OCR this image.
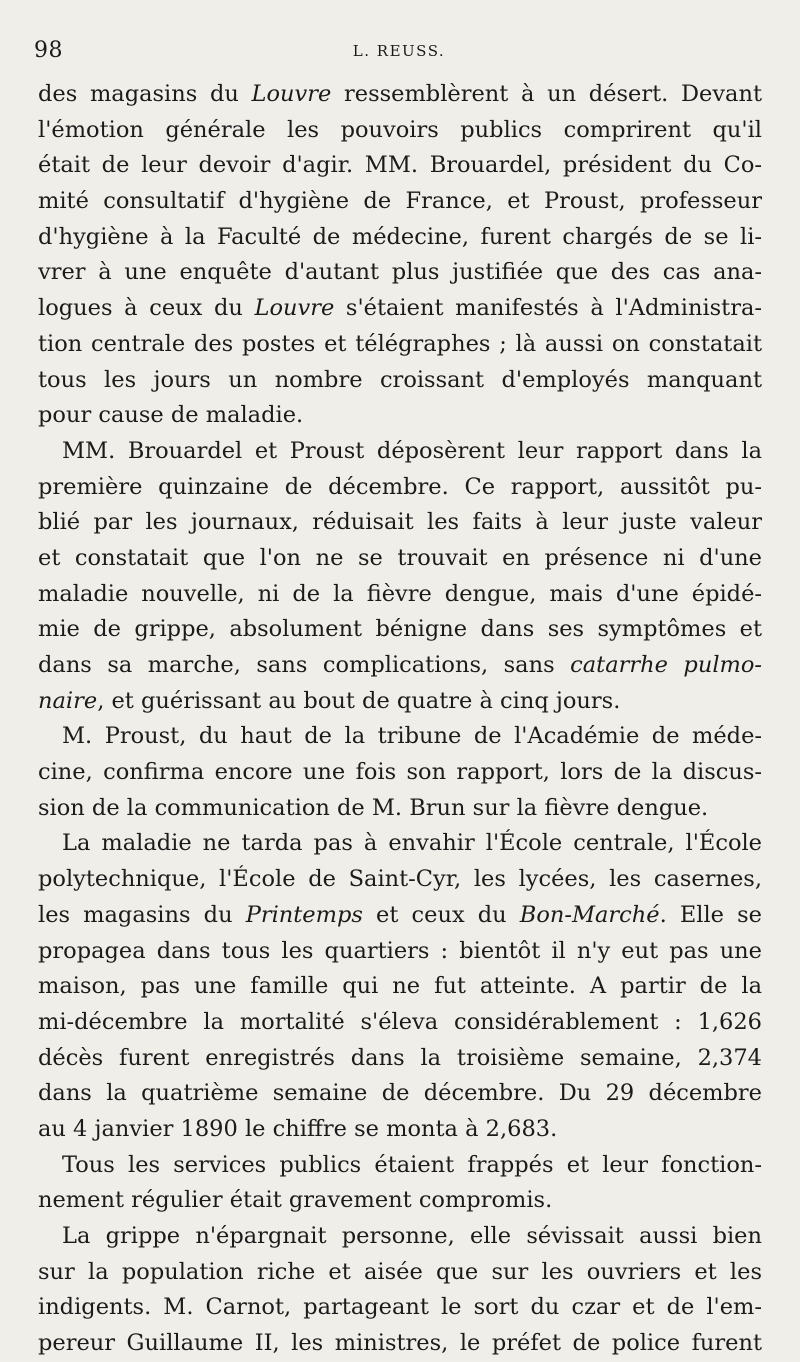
98	L. REUSS.
des magasins du Louvre ressemblèrent à un désert. Devant
l'émotion générale les pouvoirs publics comprirent qu'il
était de leur devoir d'agir. MM. Brouardel, président du Co-
mité consultatif d'hygiène de France, et Proust, professeur
d'hygiène à la Faculté de médecine, furent chargés de se li-
vrer à une enquête d'autant plus justifiée que des cas ana-
logues à ceux du Louvre s'étaient manifestés à l'Administra-
tion centrale des postes et télégraphes ; là aussi on constatait
tous les jours un nombre croissant d'employés manquant
pour cause de maladie.
MM. Brouardel et Proust déposèrent leur rapport dans la
première quinzaine de décembre. Ce rapport, aussitôt pu-
blié par les journaux, réduisait les faits à leur juste valeur
et constatait que l'on ne se trouvait en présence ni d'une
maladie nouvelle, ni de la fièvre dengue, mais d'une épidé-
mie de grippe, absolument bénigne dans ses symptômes et
dans sa marche, sans complications, sans catarrhe pulmo-
naire, et guérissant au bout de quatre à cinq jours.
M. Proust, du haut de la tribune de l'Académie de méde-
cine, confirma encore une fois son rapport, lors de la discus-
sion de la communication de M. Brun sur la fièvre dengue.
La maladie ne tarda pas à envahir l'École centrale, l'École
polytechnique, l'École de Saint-Cyr, les lycées, les casernes,
les magasins du Printemps et ceux du Bon-Marché. Elle se
propagea dans tous les quartiers : bientôt il n'y eut pas une
maison, pas une famille qui ne fut atteinte. A partir de la
mi-décembre la mortalité s'éleva considérablement : 1,626
décès furent enregistrés dans la troisième semaine, 2,374
dans la quatrième semaine de décembre. Du 29 décembre
au 4 janvier 1890 le chiffre se monta à 2,683.
Tous les services publics étaient frappés et leur fonction-
nement régulier était gravement compromis.
La grippe n'épargnait personne, elle sévissait aussi bien
sur la population riche et aisée que sur les ouvriers et les
indigents. M. Carnot, partageant le sort du czar et de l'em-
pereur Guillaume II, les ministres, le préfet de police furent
